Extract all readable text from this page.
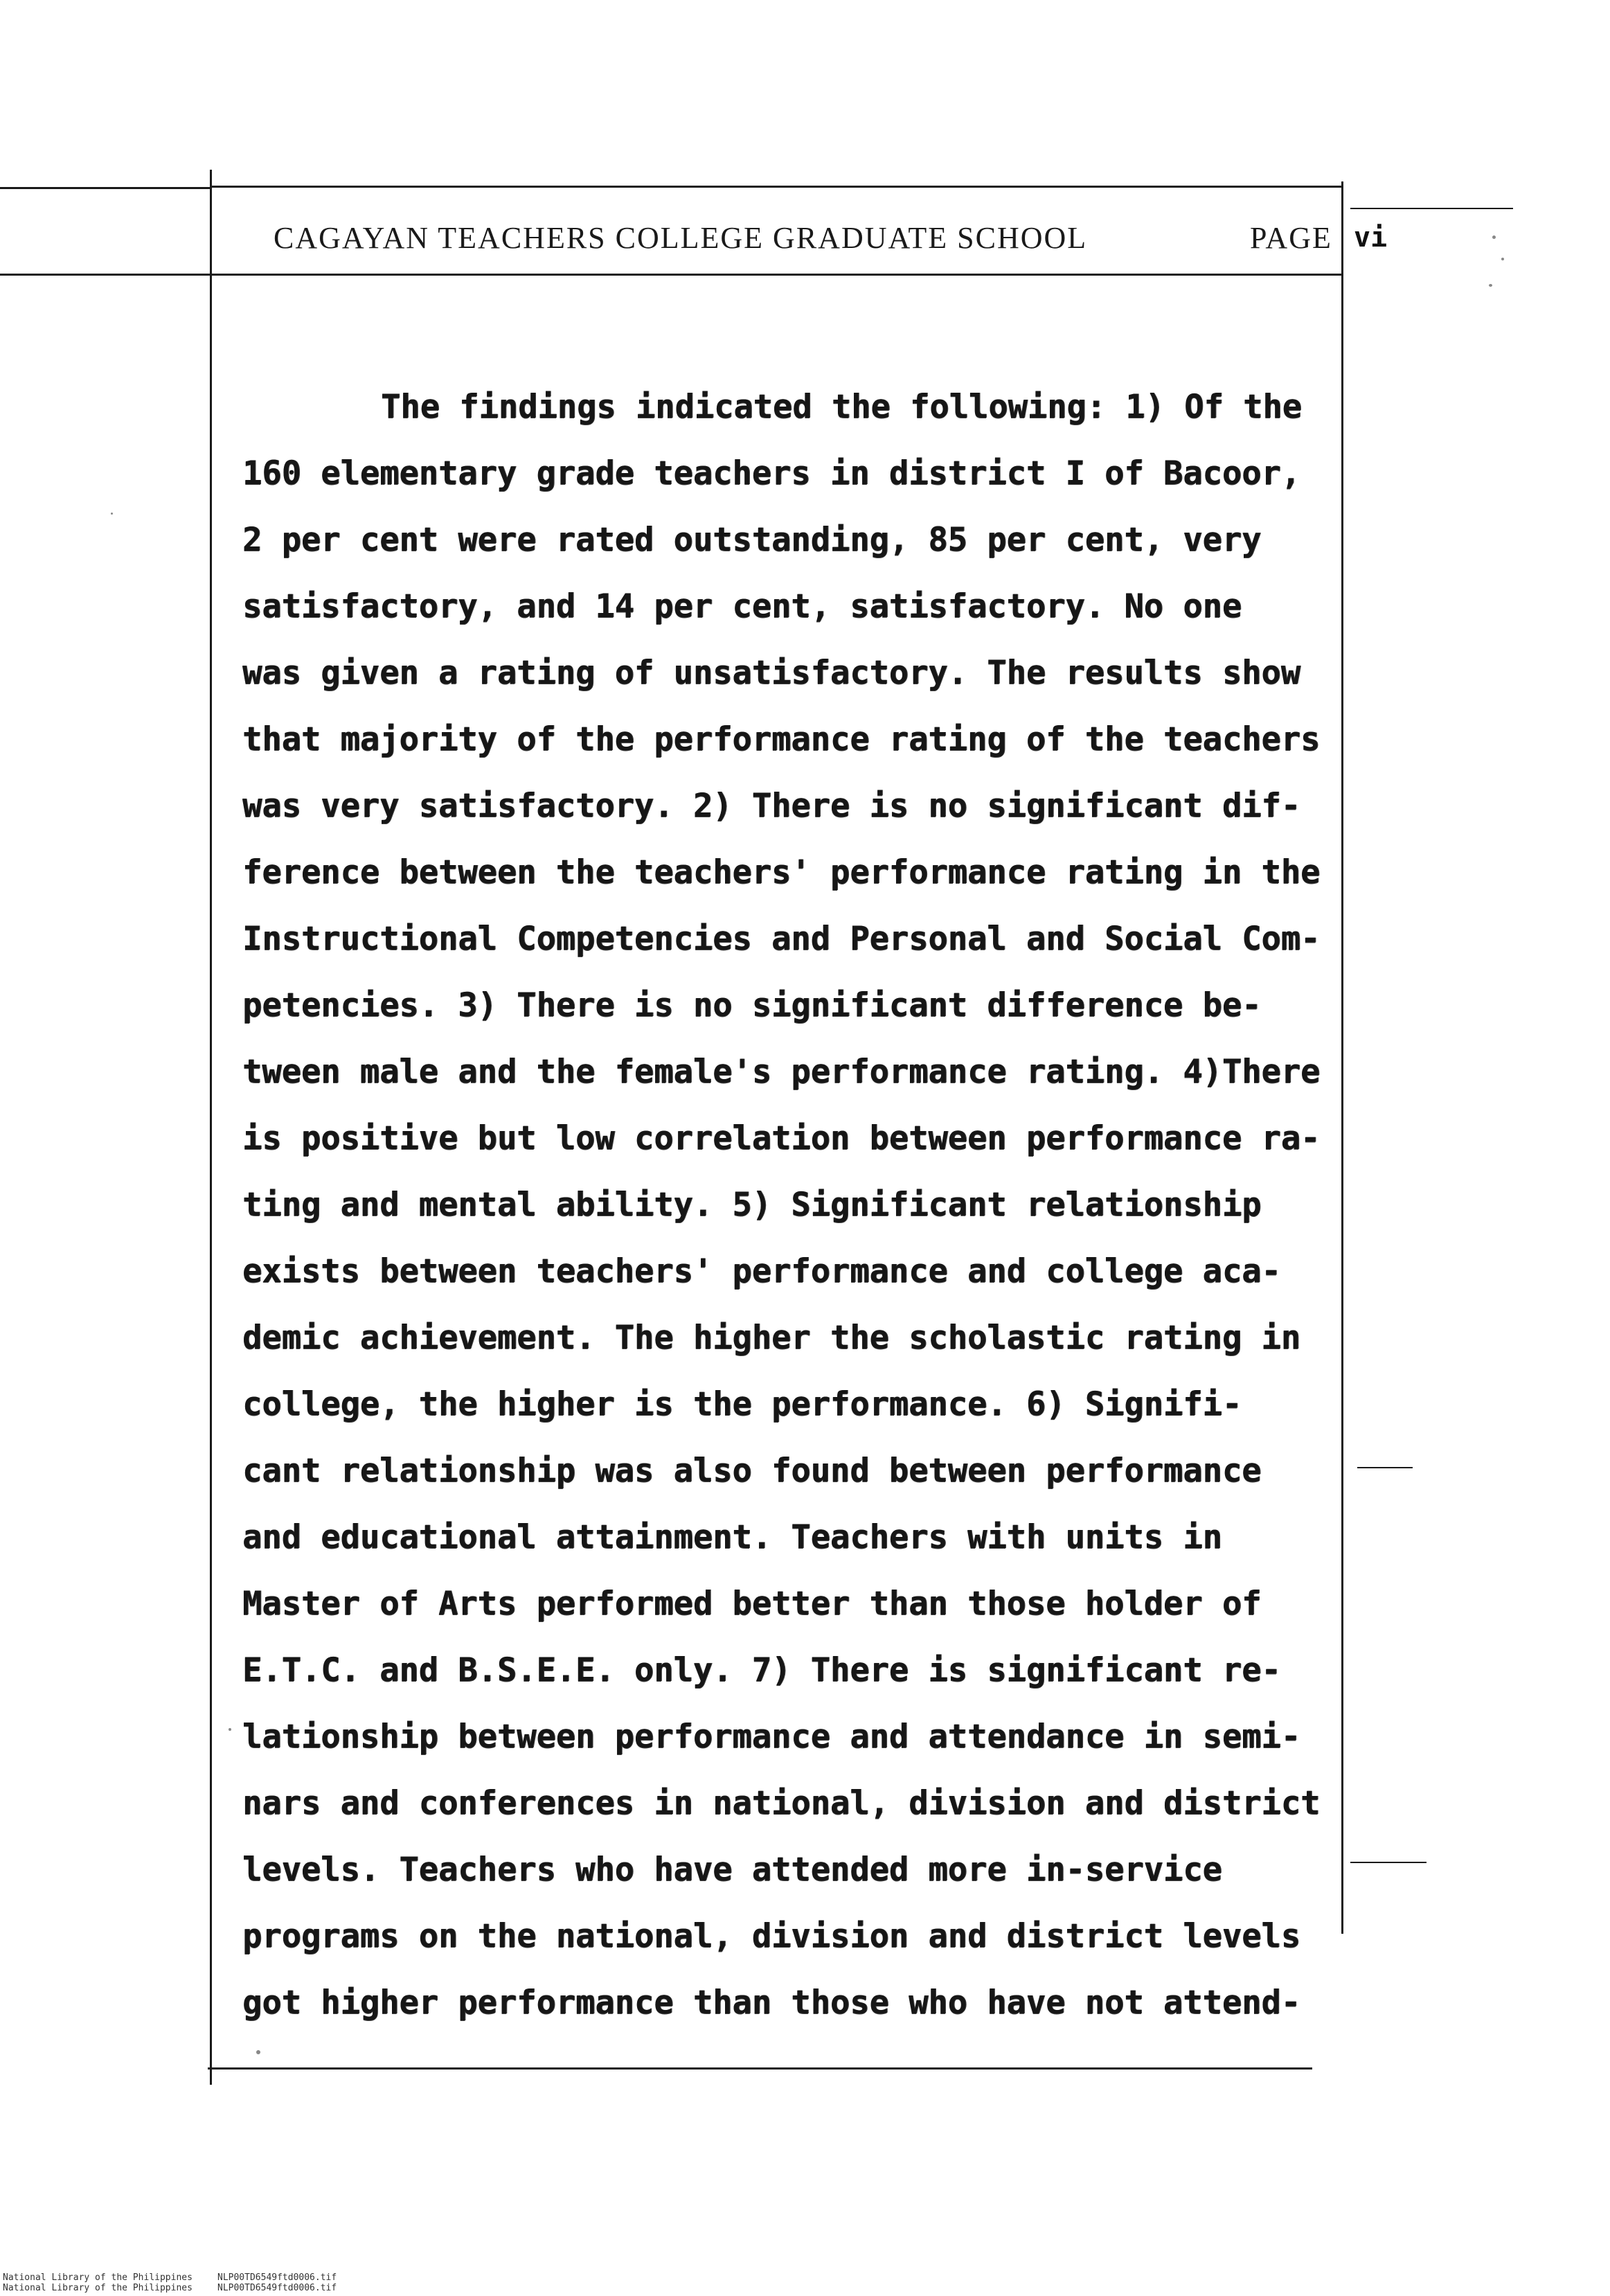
CAGAYAN TEACHERS COLLEGE GRADUATE SCHOOL	PAGE vi
The findings indicated the following: 1) Of the
160 elementary grade teachers in district I of Bacoor,
2 per cent were rated outstanding, 85 per cent, very
satisfactory, and 14 per cent, satisfactory. No one
was given a rating of unsatisfactory. The results show
that majority of the performance rating of the teachers
was very satisfactory. 2) There is no significant dif-
ference between the teachers' performance rating in the
Instructional Competencies and Personal and Social Com-
petencies. 3) There is no significant difference be-
tween male and the female's performance rating. 4)There
is positive but low correlation between performance ra-
ting and mental ability. 5) Significant relationship
exists between teachers' performance and college aca-
demic achievement. The higher the scholastic rating in
college, the higher is the performance. 6) Signifi-
cant relationship was also found between performance
and educational attainment. Teachers with units in
Master of Arts performed better than those holder of
E.T.C. and B.S.E.E. only. 7) There is significant re-
lationship between performance and attendance in semi-
nars and conferences in national, division and district
levels. Teachers who have attended more in-service
programs on the national, division and district levels
got higher performance than those who have not attend-
National Library of the Philippines	NLP00TD6549ftd0006.tif
National Library of the Philippines	NLP00TD6549ftd0006.tif
